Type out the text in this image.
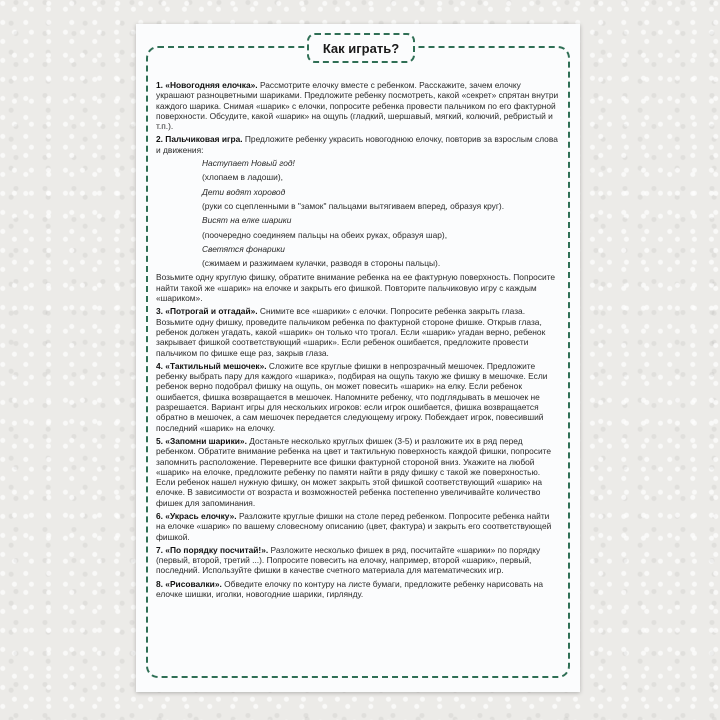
Как играть?

1. «Новогодняя елочка». Рассмотрите елочку вместе с ребенком. Расскажите, зачем елочку украшают разноцветными шариками. Предложите ребенку посмотреть, какой «секрет» спрятан внутри каждого шарика. Снимая «шарик» с елочки, попросите ребенка провести пальчиком по его фактурной поверхности. Обсудите, какой «шарик» на ощупь (гладкий, шершавый, мягкий, колючий, ребристый и т.п.).

2. Пальчиковая игра. Предложите ребенку украсить новогоднюю елочку, повторив за взрослым слова и движения:

Наступает Новый год!
(хлопаем в ладоши),
Дети водят хоровод
(руки со сцепленными в "замок" пальцами вытягиваем вперед, образуя круг).
Висят на елке шарики
(поочередно соединяем пальцы на обеих руках, образуя шар),
Светятся фонарики
(сжимаем и разжимаем кулачки, разводя в стороны пальцы).

Возьмите одну круглую фишку, обратите внимание ребенка на ее фактурную поверхность. Попросите найти такой же «шарик» на елочке и закрыть его фишкой. Повторите пальчиковую игру с каждым «шариком».

3. «Потрогай и отгадай». Снимите все «шарики» с елочки. Попросите ребенка закрыть глаза. Возьмите одну фишку, проведите пальчиком ребенка по фактурной стороне фишке. Открыв глаза, ребенок должен угадать, какой «шарик» он только что трогал. Если «шарик» угадан верно, ребенок закрывает фишкой соответствующий «шарик». Если ребенок ошибается, предложите провести пальчиком по фишке еще раз, закрыв глаза.

4. «Тактильный мешочек». Сложите все круглые фишки в непрозрачный мешочек. Предложите ребенку выбрать пару для каждого «шарика», подбирая на ощупь такую же фишку в мешочке. Если ребенок верно подобрал фишку на ощупь, он может повесить «шарик» на елку. Если ребенок ошибается, фишка возвращается в мешочек. Напомните ребенку, что подглядывать в мешочек не разрешается. Вариант игры для нескольких игроков: если игрок ошибается, фишка возвращается обратно в мешочек, а сам мешочек передается следующему игроку. Побеждает игрок, повесивший последний «шарик» на елочку.

5. «Запомни шарики». Достаньте несколько круглых фишек (3-5) и разложите их в ряд перед ребенком. Обратите внимание ребенка на цвет и тактильную поверхность каждой фишки, попросите запомнить расположение. Переверните все фишки фактурной стороной вниз. Укажите на любой «шарик» на елочке, предложите ребенку по памяти найти в ряду фишку с такой же поверхностью. Если ребенок нашел нужную фишку, он может закрыть этой фишкой соответствующий «шарик» на елочке. В зависимости от возраста и возможностей ребенка постепенно увеличивайте количество фишек для запоминания.

6. «Укрась елочку». Разложите круглые фишки на столе перед ребенком. Попросите ребенка найти на елочке «шарик» по вашему словесному описанию (цвет, фактура) и закрыть его соответствующей фишкой.

7. «По порядку посчитай!». Разложите несколько фишек в ряд, посчитайте «шарики» по порядку (первый, второй, третий ...). Попросите повесить на елочку, например, второй «шарик», первый, последний. Используйте фишки в качестве счетного материала для математических игр.

8. «Рисовалки». Обведите елочку по контуру на листе бумаги, предложите ребенку нарисовать на елочке шишки, иголки, новогодние шарики, гирлянду.
